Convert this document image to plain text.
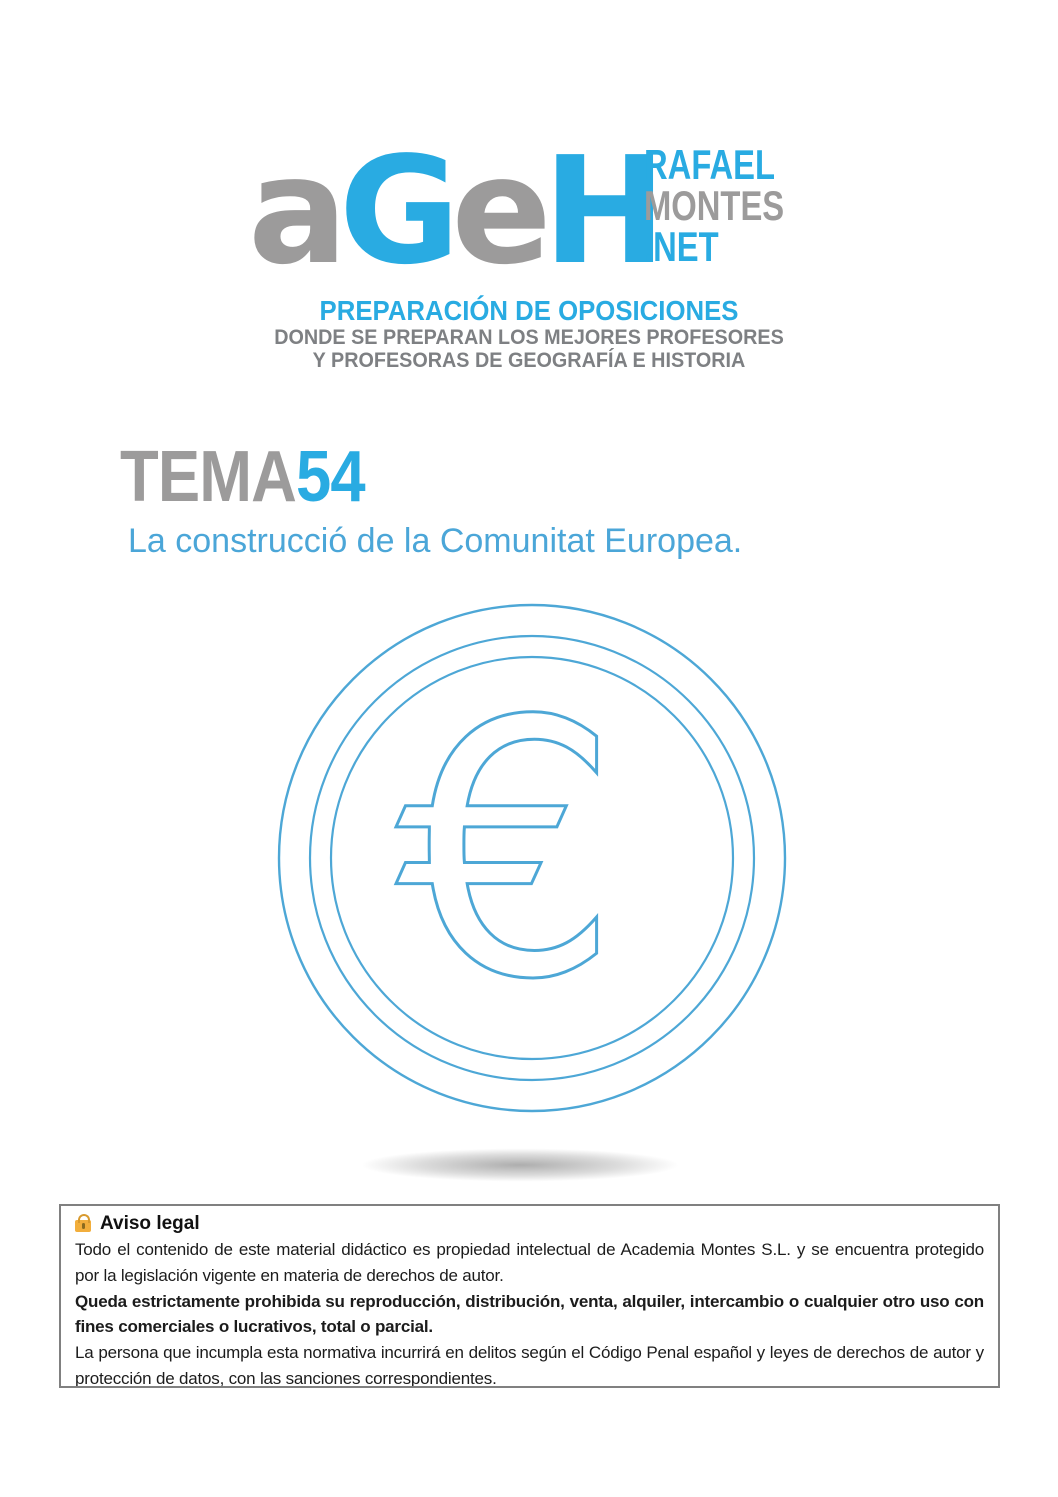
aGeH
RAFAEL
MONTES
.NET

PREPARACIÓN DE OPOSICIONES

DONDE SE PREPARAN LOS MEJORES PROFESORES

Y PROFESORAS DE GEOGRAFÍA E HISTORIA

TEMA54
La construcció de la Comunitat Europea.
€
Aviso legal

Todo el contenido de este material didáctico es propiedad intelectual de Academia Montes S.L. y se encuentra protegido por la legislación vigente en materia de derechos de autor.

Queda estrictamente prohibida su reproducción, distribución, venta, alquiler, intercambio o cualquier otro uso con fines comerciales o lucrativos, total o parcial.

La persona que incumpla esta normativa incurrirá en delitos según el Código Penal español y leyes de derechos de autor y protección de datos, con las sanciones correspondientes.
